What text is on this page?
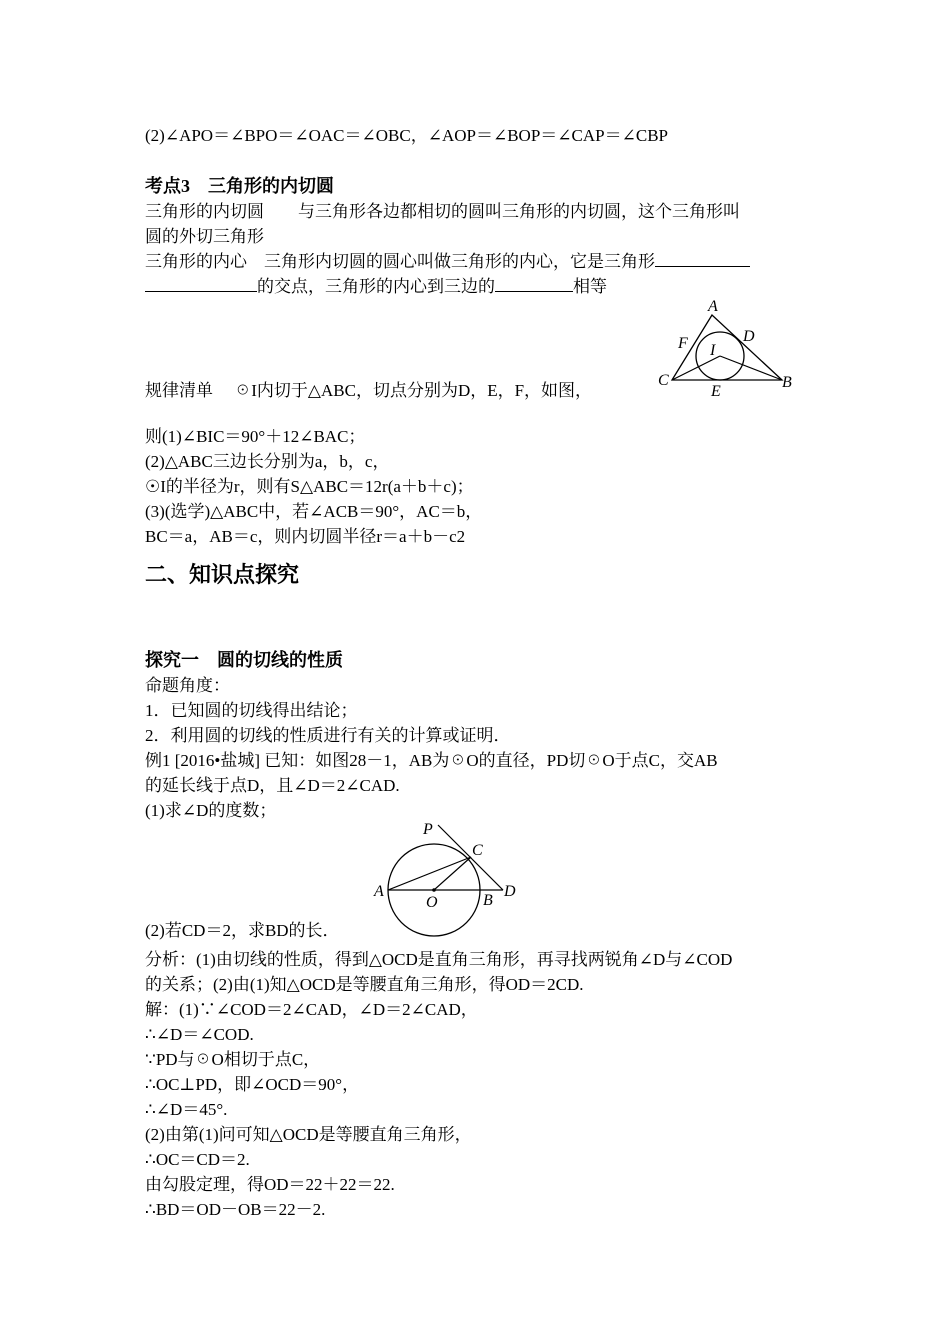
(2)∠APO＝∠BPO＝∠OAC＝∠OBC，∠AOP＝∠BOP＝∠CAP＝∠CBP
考点3　三角形的内切圆
三角形的内切圆　　与三角形各边都相切的圆叫三角形的内切圆，这个三角形叫
圆的外切三角形
三角形的内心　三角形内切圆的圆心叫做三角形的内心，它是三角形
的交点，三角形的内心到三边的	相等
A
D
F I
C	B
E
规律清单　 ☉I内切于△ABC，切点分别为D，E，F，如图，
则(1)∠BIC＝90°＋12∠BAC；
(2)△ABC三边长分别为a，b，c，
☉I的半径为r，则有S△ABC＝12r(a＋b＋c)；
(3)(选学)△ABC中，若∠ACB＝90°，AC＝b，
BC＝a，AB＝c，则内切圆半径r＝a＋b－c2
二、知识点探究
探究一　圆的切线的性质
命题角度：
1．已知圆的切线得出结论；
2．利用圆的切线的性质进行有关的计算或证明．
例1 [2016•盐城] 已知：如图28－1，AB为☉O的直径，PD切☉O于点C，交AB
的延长线于点D，且∠D＝2∠CAD.
(1)求∠D的度数；
P
C
A
O	B
D
(2)若CD＝2，求BD的长．
分析：(1)由切线的性质，得到△OCD是直角三角形，再寻找两锐角∠D与∠COD
的关系；(2)由(1)知△OCD是等腰直角三角形，得OD＝2CD.
解：(1)∵∠COD＝2∠CAD，∠D＝2∠CAD，
∴∠D＝∠COD.
∵PD与☉O相切于点C，
∴OC⊥PD，即∠OCD＝90°，
∴∠D＝45°.
(2)由第(1)问可知△OCD是等腰直角三角形，
∴OC＝CD＝2.
由勾股定理，得OD＝22＋22＝22.
∴BD＝OD－OB＝22－2.
